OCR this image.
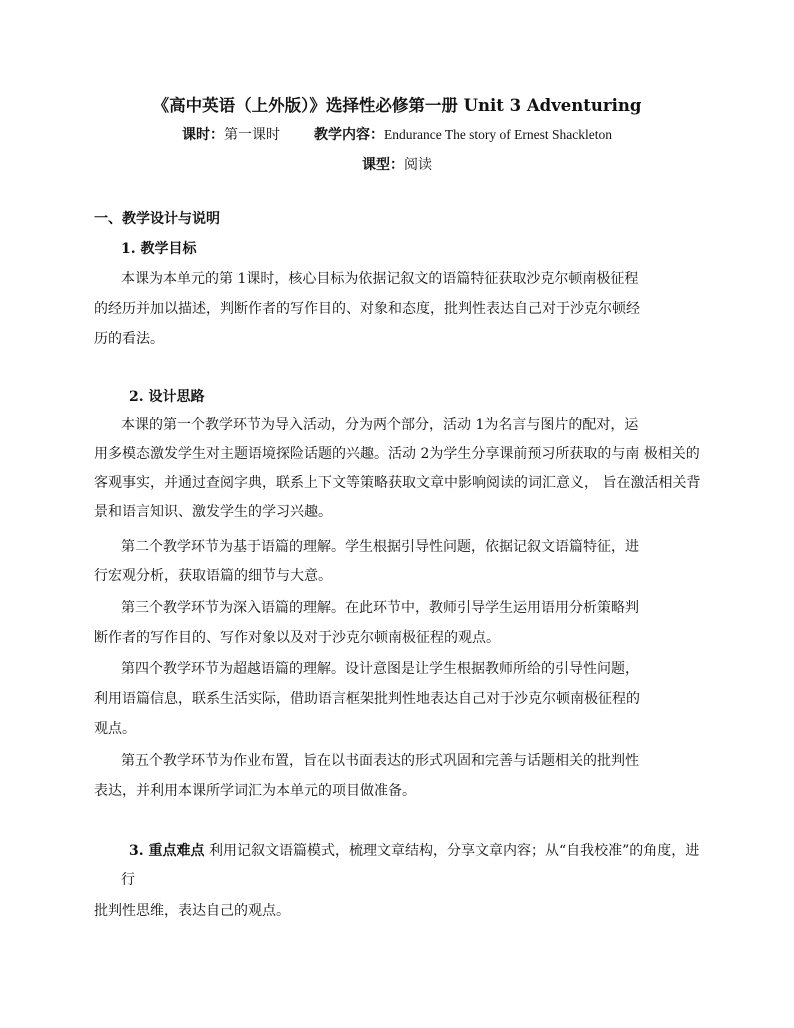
《高中英语（上外版）》选择性必修第一册 Unit 3 Adventuring
课时：第一课时 教学内容：Endurance The story of Ernest Shackleton
课型：阅读
一、教学设计与说明
1. 教学目标
本课为本单元的第 1课时，核心目标为依据记叙文的语篇特征获取沙克尔顿南极征程
的经历并加以描述，判断作者的写作目的、对象和态度，批判性表达自己对于沙克尔顿经
历的看法。
2. 设计思路
本课的第一个教学环节为导入活动，分为两个部分，活动 1为名言与图片的配对，运
用多模态激发学生对主题语境探险话题的兴趣。活动 2为学生分享课前预习所获取的与南 极相关的
客观事实，并通过查阅字典，联系上下文等策略获取文章中影响阅读的词汇意义， 旨在激活相关背
景和语言知识、激发学生的学习兴趣。
第二个教学环节为基于语篇的理解。学生根据引导性问题，依据记叙文语篇特征，进
行宏观分析，获取语篇的细节与大意。
第三个教学环节为深入语篇的理解。在此环节中，教师引导学生运用语用分析策略判
断作者的写作目的、写作对象以及对于沙克尔顿南极征程的观点。
第四个教学环节为超越语篇的理解。设计意图是让学生根据教师所给的引导性问题，
利用语篇信息，联系生活实际，借助语言框架批判性地表达自己对于沙克尔顿南极征程的
观点。
第五个教学环节为作业布置，旨在以书面表达的形式巩固和完善与话题相关的批判性
表达，并利用本课所学词汇为本单元的项目做准备。
3. 重点难点 利用记叙文语篇模式，梳理文章结构，分享文章内容；从“自我校准”的角度，进
行
批判性思维，表达自己的观点。
